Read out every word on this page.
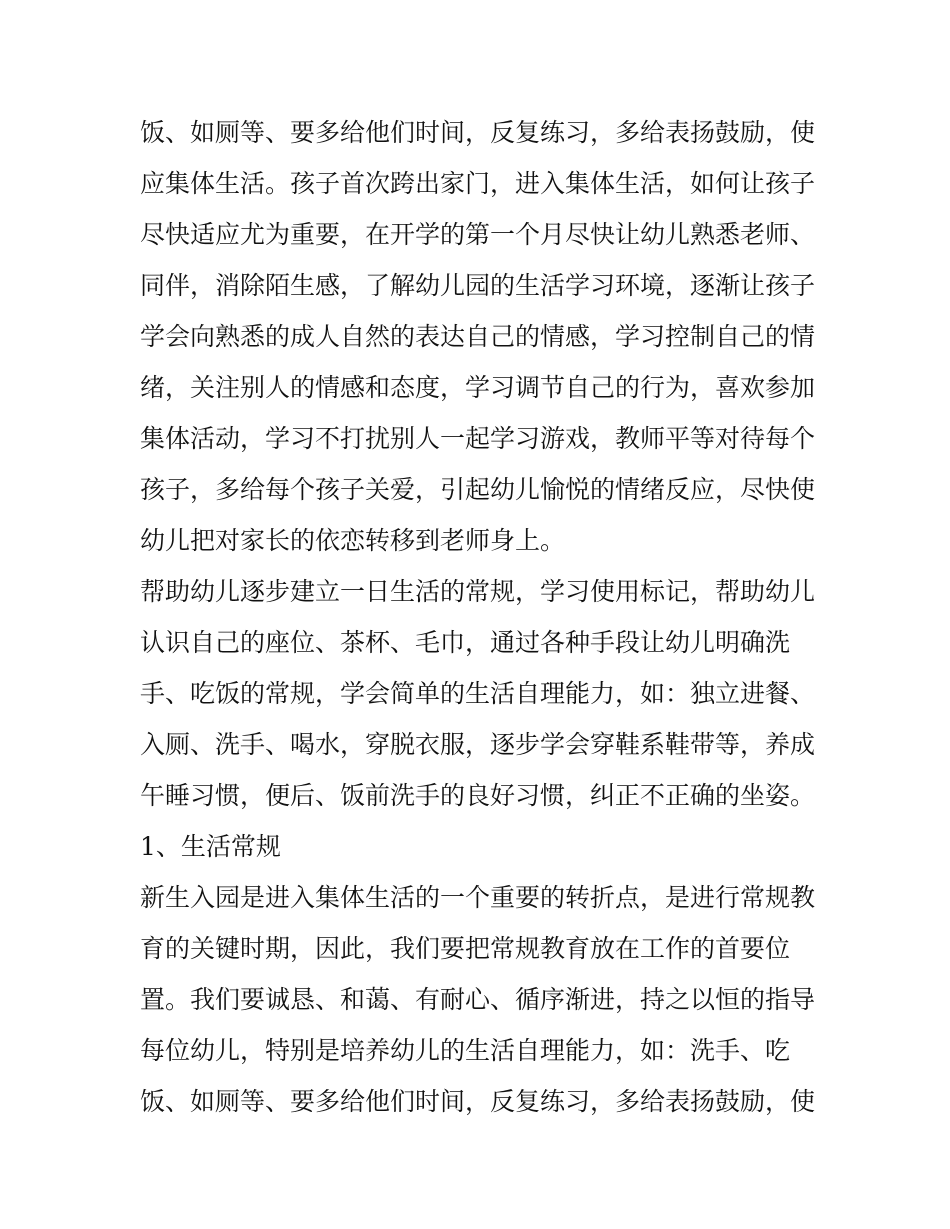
饭、如厕等、要多给他们时间，反复练习，多给表扬鼓励，使
应集体生活。孩子首次跨出家门，进入集体生活，如何让孩子
尽快适应尤为重要，在开学的第一个月尽快让幼儿熟悉老师、
同伴，消除陌生感，了解幼儿园的生活学习环境，逐渐让孩子
学会向熟悉的成人自然的表达自己的情感，学习控制自己的情
绪，关注别人的情感和态度，学习调节自己的行为，喜欢参加
集体活动，学习不打扰别人一起学习游戏，教师平等对待每个
孩子，多给每个孩子关爱，引起幼儿愉悦的情绪反应，尽快使
幼儿把对家长的依恋转移到老师身上。
帮助幼儿逐步建立一日生活的常规，学习使用标记，帮助幼儿
认识自己的座位、茶杯、毛巾，通过各种手段让幼儿明确洗
手、吃饭的常规，学会简单的生活自理能力，如：独立进餐、
入厕、洗手、喝水，穿脱衣服，逐步学会穿鞋系鞋带等，养成
午睡习惯，便后、饭前洗手的良好习惯，纠正不正确的坐姿。
1、生活常规
新生入园是进入集体生活的一个重要的转折点，是进行常规教
育的关键时期，因此，我们要把常规教育放在工作的首要位
置。我们要诚恳、和蔼、有耐心、循序渐进，持之以恒的指导
每位幼儿，特别是培养幼儿的生活自理能力，如：洗手、吃
饭、如厕等、要多给他们时间，反复练习，多给表扬鼓励，使
